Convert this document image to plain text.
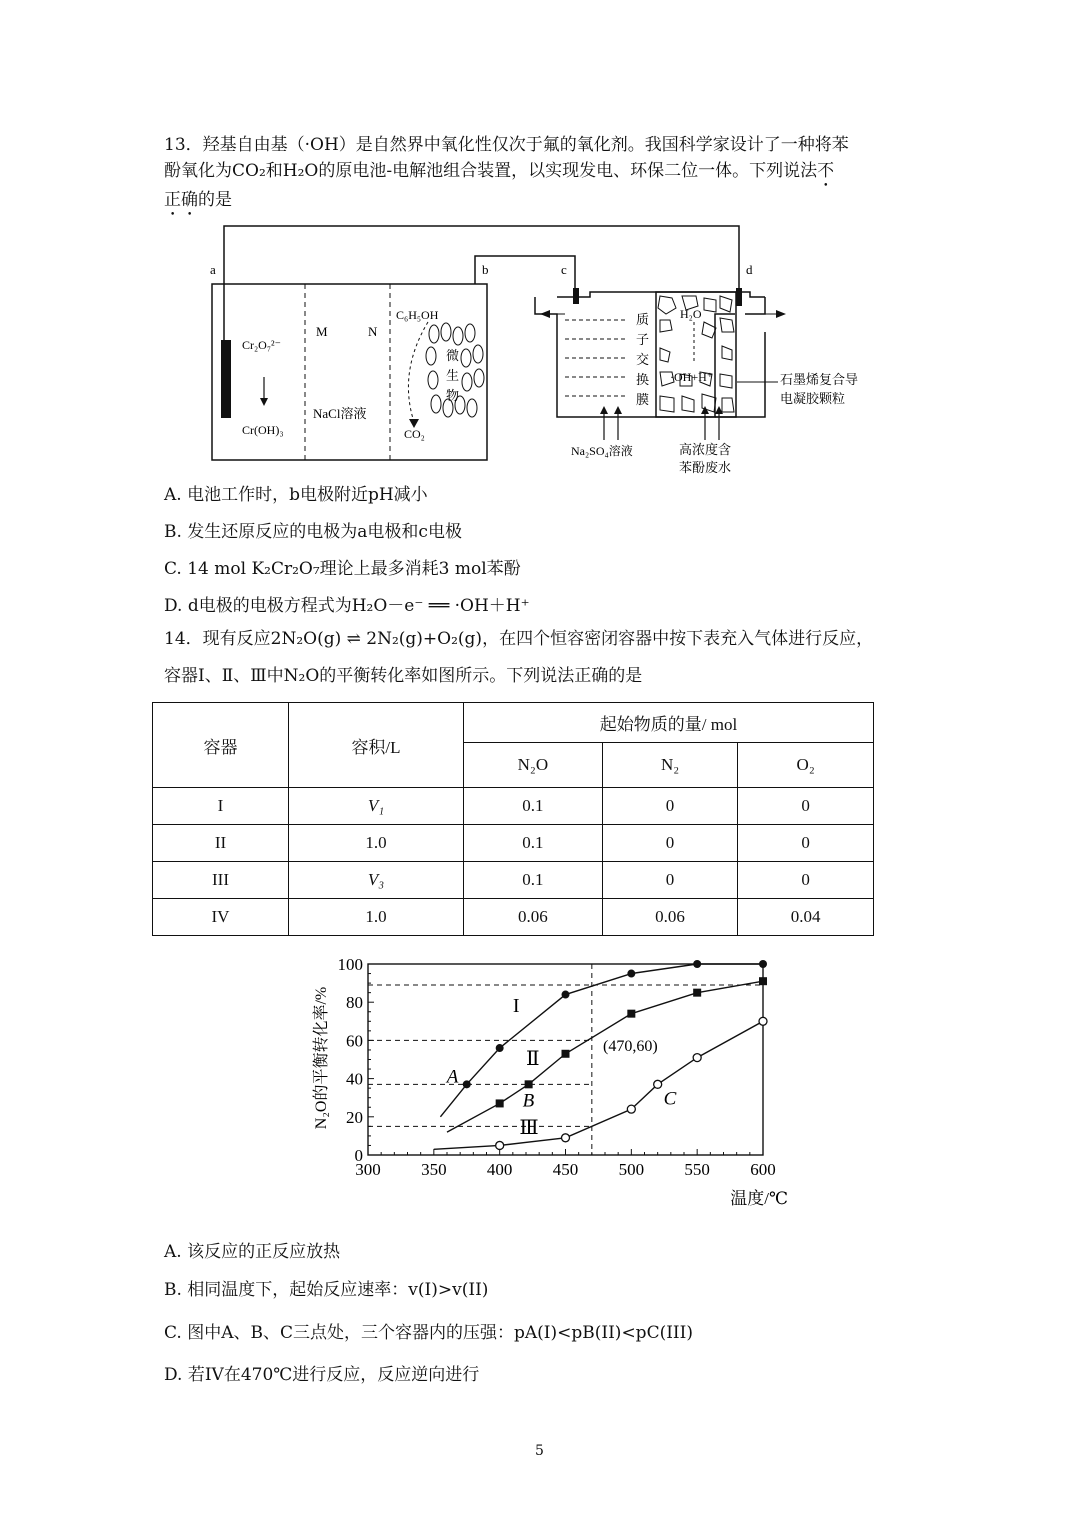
13．羟基自由基（·OH）是自然界中氧化性仅次于氟的氧化剂。我国科学家设计了一种将苯
酚氧化为CO₂和H₂O的原电池-电解池组合装置，以实现发电、环保二位一体。下列说法不
正确的是
a	b	c	d
Cr₂O₇²⁻
Cr(OH)₃
M	N
NaCl溶液
C₆H₅OH
微
生
物
CO₂
质
子
交
换
膜
H₂O
·OH+H⁺	石墨烯复合导
电凝胶颗粒
Na₂SO₄溶液	高浓度含
苯酚废水
A. 电池工作时，b电极附近pH减小
B. 发生还原反应的电极为a电极和c电极
C. 14 mol K₂Cr₂O₇理论上最多消耗3 mol苯酚
D. d电极的电极方程式为H₂O－e⁻ ══ ·OH＋H⁺
14．现有反应2N₂O(g) ⇌ 2N₂(g)+O₂(g)，在四个恒容密闭容器中按下表充入气体进行反应，
容器Ⅰ、Ⅱ、Ⅲ中N₂O的平衡转化率如图所示。下列说法正确的是
容器	容积/L	起始物质的量/ mol		
		N₂O	N₂	O₂
I	V₁	0.1	0	0
II	1.0	0.1	0	0
III	V₃	0.1	0	0
IV	1.0	0.06	0.06	0.04
温度/℃
N₂O的平衡转化率/%	(470,60)
300 350 400 450 500 550 600
0
20
40
60
80
100
I
Ⅱ
Ⅲ
A
B	C
A. 该反应的正反应放热
B. 相同温度下，起始反应速率：v(I)>v(II)
C. 图中A、B、C三点处，三个容器内的压强：pA(I)<pB(II)<pC(III)
D. 若IV在470℃进行反应，反应逆向进行
5
